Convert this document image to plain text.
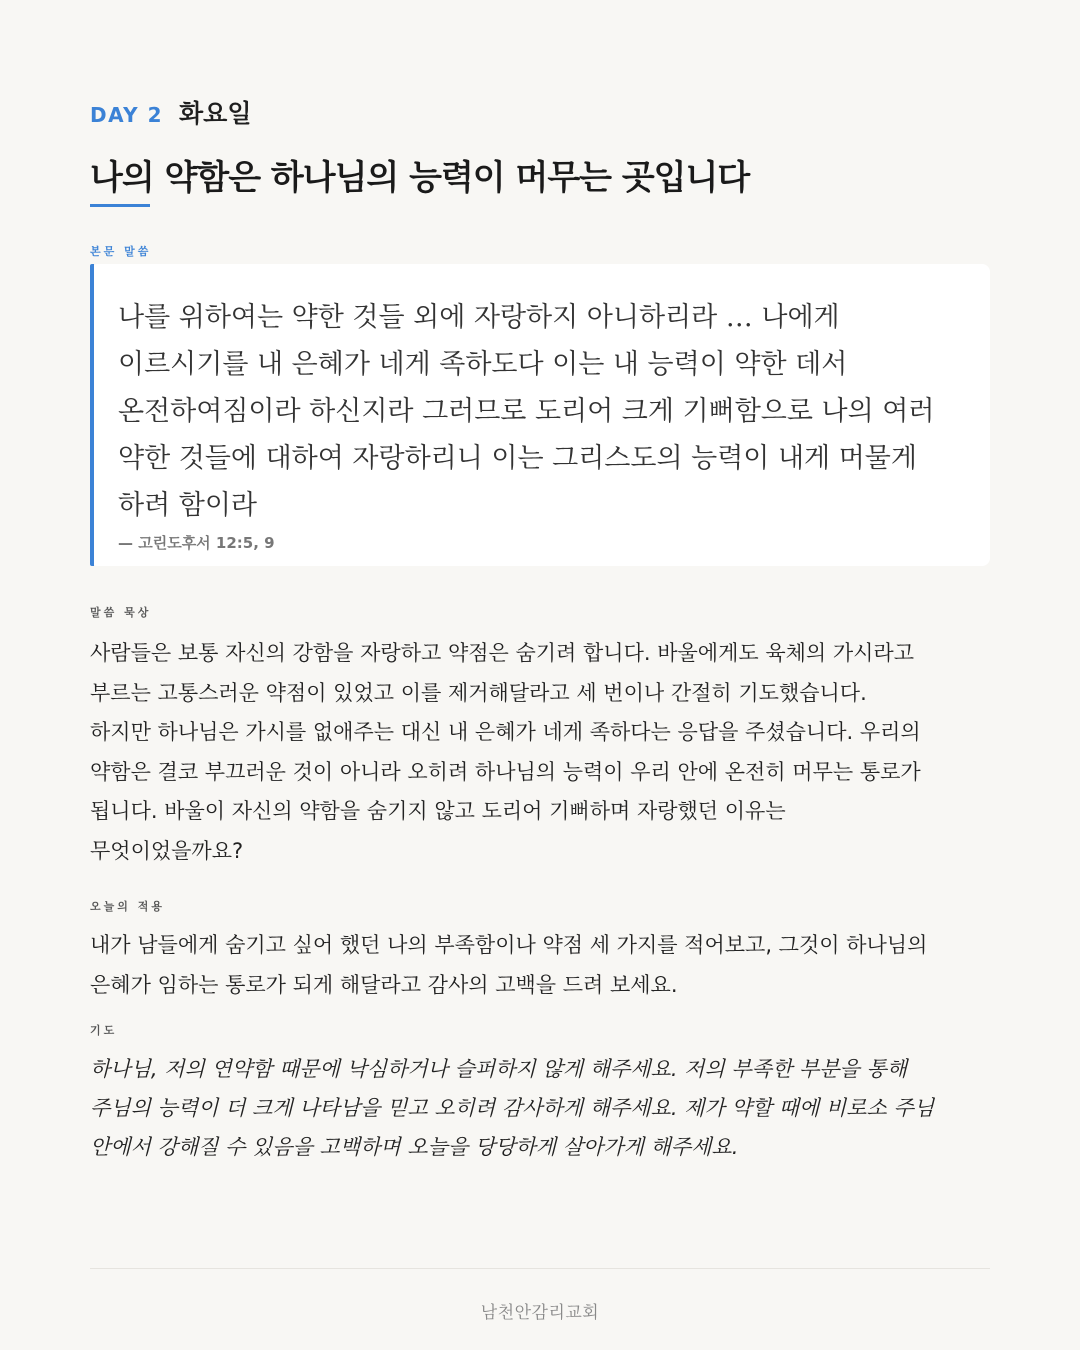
DAY 2 화요일
나의 약함은 하나님의 능력이 머무는 곳입니다
본문 말씀
나를 위하여는 약한 것들 외에 자랑하지 아니하리라 … 나에게
이르시기를 내 은혜가 네게 족하도다 이는 내 능력이 약한 데서
온전하여짐이라 하신지라 그러므로 도리어 크게 기뻐함으로 나의 여러
약한 것들에 대하여 자랑하리니 이는 그리스도의 능력이 내게 머물게
하려 함이라
— 고린도후서 12:5, 9
말씀 묵상
사람들은 보통 자신의 강함을 자랑하고 약점은 숨기려 합니다. 바울에게도 육체의 가시라고
부르는 고통스러운 약점이 있었고 이를 제거해달라고 세 번이나 간절히 기도했습니다.
하지만 하나님은 가시를 없애주는 대신 내 은혜가 네게 족하다는 응답을 주셨습니다. 우리의
약함은 결코 부끄러운 것이 아니라 오히려 하나님의 능력이 우리 안에 온전히 머무는 통로가
됩니다. 바울이 자신의 약함을 숨기지 않고 도리어 기뻐하며 자랑했던 이유는
무엇이었을까요?
오늘의 적용
내가 남들에게 숨기고 싶어 했던 나의 부족함이나 약점 세 가지를 적어보고, 그것이 하나님의
은혜가 임하는 통로가 되게 해달라고 감사의 고백을 드려 보세요.
기도
하나님, 저의 연약함 때문에 낙심하거나 슬퍼하지 않게 해주세요. 저의 부족한 부분을 통해
주님의 능력이 더 크게 나타남을 믿고 오히려 감사하게 해주세요. 제가 약할 때에 비로소 주님
안에서 강해질 수 있음을 고백하며 오늘을 당당하게 살아가게 해주세요.
남천안감리교회
